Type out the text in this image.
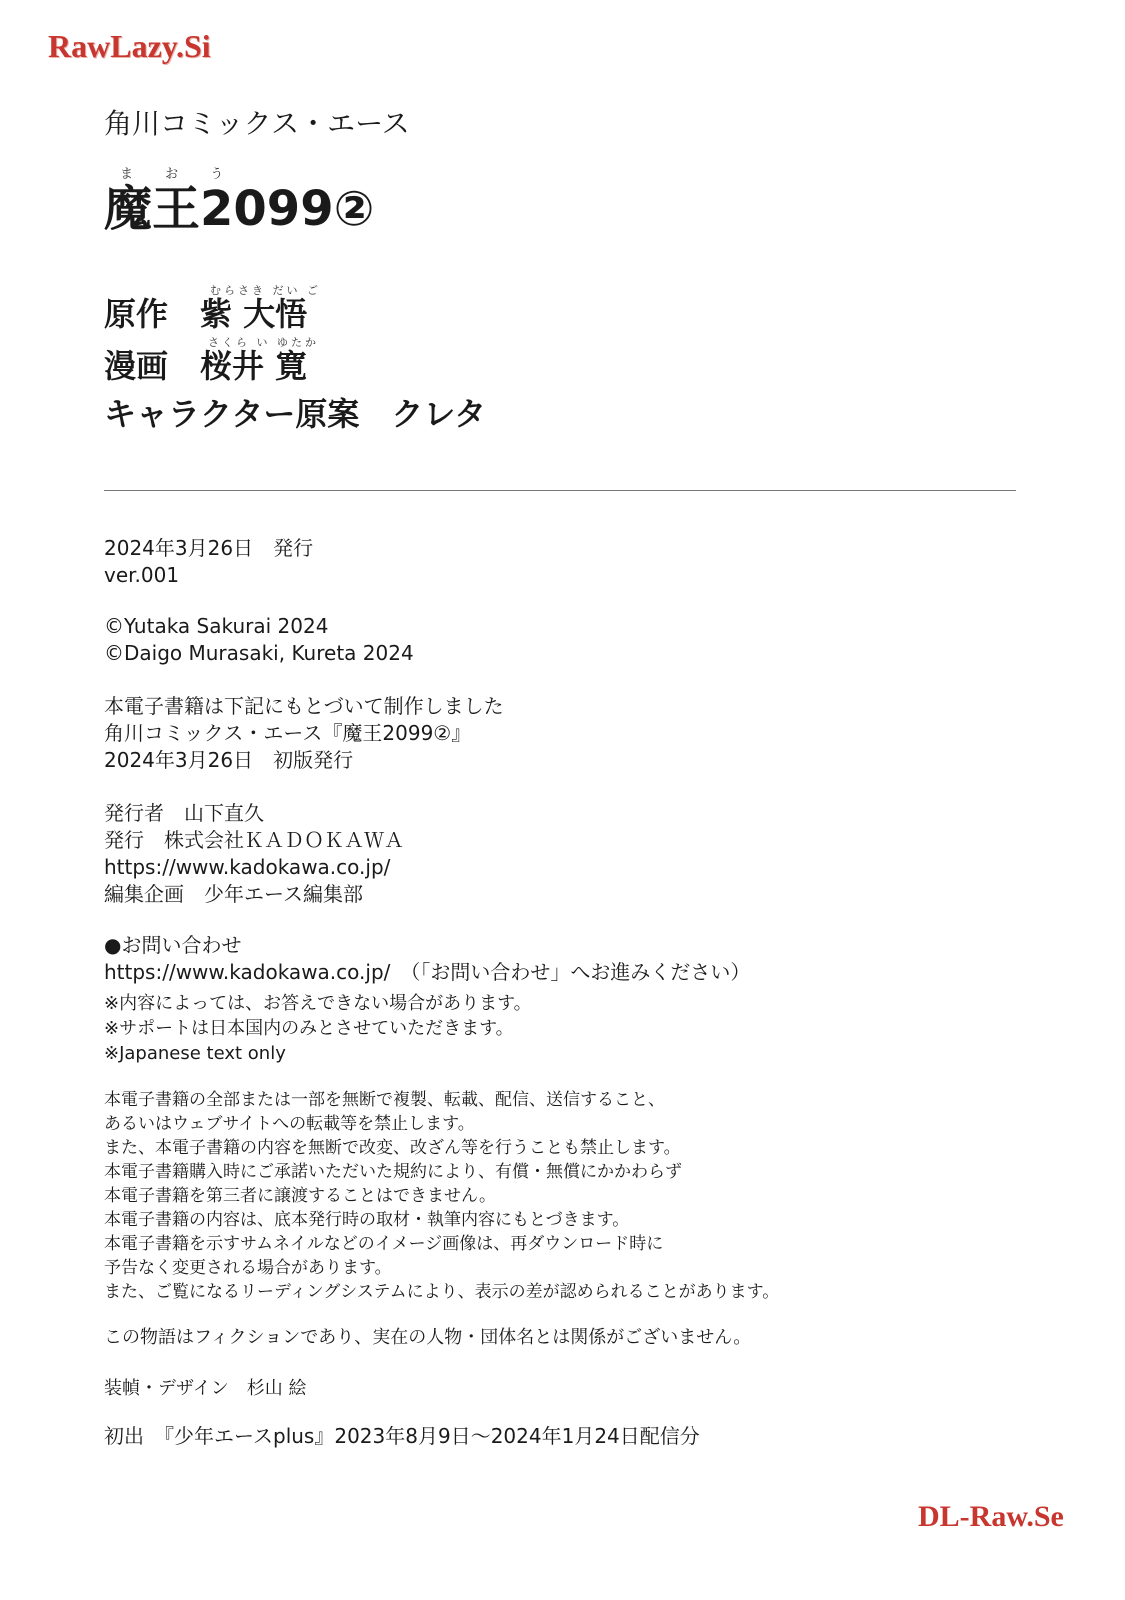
RawLazy.Si
角川コミックス・エース
ま お う
魔王2099②
むらさき だい ご
原作　紫 大悟
さくら い ゆたか
漫画　桜井 寛
キャラクター原案　クレタ
2024年3月26日　発行
ver.001
©Yutaka Sakurai 2024
©Daigo Murasaki, Kureta 2024
本電子書籍は下記にもとづいて制作しました
角川コミックス・エース『魔王2099②』
2024年3月26日　初版発行
発行者　山下直久
発行　株式会社ＫＡＤＯＫＡＷＡ
https://www.kadokawa.co.jp/
編集企画　少年エース編集部
●お問い合わせ
https://www.kadokawa.co.jp/　（「お問い合わせ」へお進みください）
※内容によっては、お答えできない場合があります。
※サポートは日本国内のみとさせていただきます。
※Japanese text only
本電子書籍の全部または一部を無断で複製、転載、配信、送信すること、
あるいはウェブサイトへの転載等を禁止します。
また、本電子書籍の内容を無断で改変、改ざん等を行うことも禁止します。
本電子書籍購入時にご承諾いただいた規約により、有償・無償にかかわらず
本電子書籍を第三者に譲渡することはできません。
本電子書籍の内容は、底本発行時の取材・執筆内容にもとづきます。
本電子書籍を示すサムネイルなどのイメージ画像は、再ダウンロード時に
予告なく変更される場合があります。
また、ご覧になるリーディングシステムにより、表示の差が認められることがあります。
この物語はフィクションであり、実在の人物・団体名とは関係がございません。
装幀・デザイン　杉山 絵
初出　『少年エースplus』2023年8月9日～2024年1月24日配信分
DL-Raw.Se
